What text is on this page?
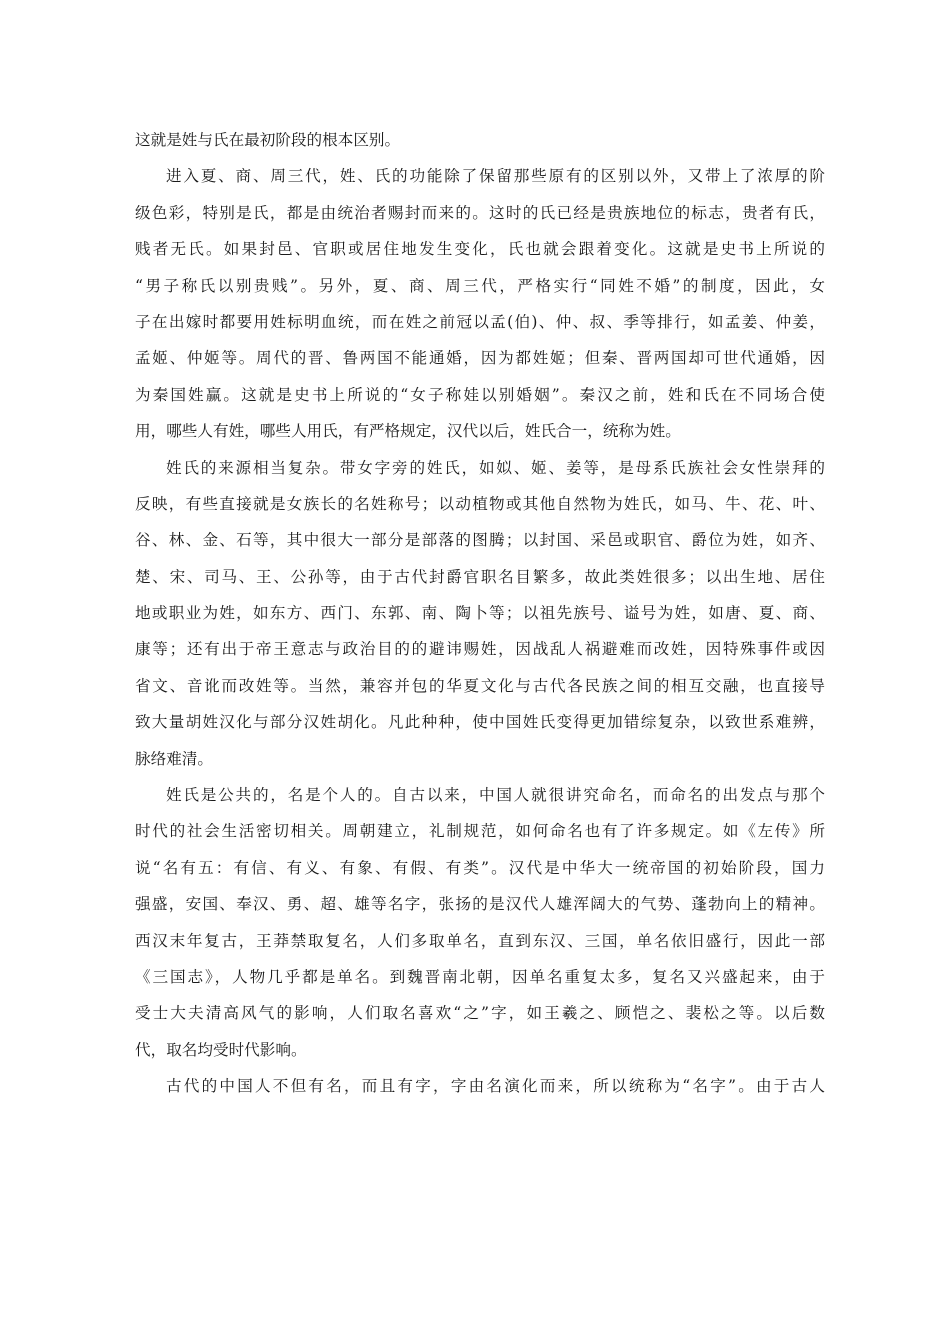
这就是姓与氏在最初阶段的根本区别。
进入夏、商、周三代，姓、氏的功能除了保留那些原有的区别以外，又带上了浓厚的阶
级色彩，特别是氏，都是由统治者赐封而来的。这时的氏已经是贵族地位的标志，贵者有氏，
贱者无氏。如果封邑、官职或居住地发生变化，氏也就会跟着变化。这就是史书上所说的
“男子称氏以别贵贱”。另外，夏、商、周三代，严格实行“同姓不婚”的制度，因此，女
子在出嫁时都要用姓标明血统，而在姓之前冠以孟(伯)、仲、叔、季等排行，如孟姜、仲姜，
孟姬、仲姬等。周代的晋、鲁两国不能通婚，因为都姓姬；但秦、晋两国却可世代通婚，因
为秦国姓赢。这就是史书上所说的“女子称娃以别婚姻”。秦汉之前，姓和氏在不同场合使
用，哪些人有姓，哪些人用氏，有严格规定，汉代以后，姓氏合一，统称为姓。
姓氏的来源相当复杂。带女字旁的姓氏，如姒、姬、姜等，是母系氏族社会女性崇拜的
反映，有些直接就是女族长的名姓称号；以动植物或其他自然物为姓氏，如马、牛、花、叶、
谷、林、金、石等，其中很大一部分是部落的图腾；以封国、采邑或职官、爵位为姓，如齐、
楚、宋、司马、王、公孙等，由于古代封爵官职名目繁多，故此类姓很多；以出生地、居住
地或职业为姓，如东方、西门、东郭、南、陶卜等；以祖先族号、谥号为姓，如唐、夏、商、
康等；还有出于帝王意志与政治目的的避讳赐姓，因战乱人祸避难而改姓，因特殊事件或因
省文、音讹而改姓等。当然，兼容并包的华夏文化与古代各民族之间的相互交融，也直接导
致大量胡姓汉化与部分汉姓胡化。凡此种种，使中国姓氏变得更加错综复杂，以致世系难辨，
脉络难清。
姓氏是公共的，名是个人的。自古以来，中国人就很讲究命名，而命名的出发点与那个
时代的社会生活密切相关。周朝建立，礼制规范，如何命名也有了许多规定。如《左传》所
说“名有五：有信、有义、有象、有假、有类”。汉代是中华大一统帝国的初始阶段，国力
强盛，安国、奉汉、勇、超、雄等名字，张扬的是汉代人雄浑阔大的气势、蓬勃向上的精神。
西汉末年复古，王莽禁取复名，人们多取单名，直到东汉、三国，单名依旧盛行，因此一部
《三国志》，人物几乎都是单名。到魏晋南北朝，因单名重复太多，复名又兴盛起来，由于
受士大夫清高风气的影响，人们取名喜欢“之”字，如王羲之、顾恺之、裴松之等。以后数
代，取名均受时代影响。
古代的中国人不但有名，而且有字，字由名演化而来，所以统称为“名字”。由于古人
